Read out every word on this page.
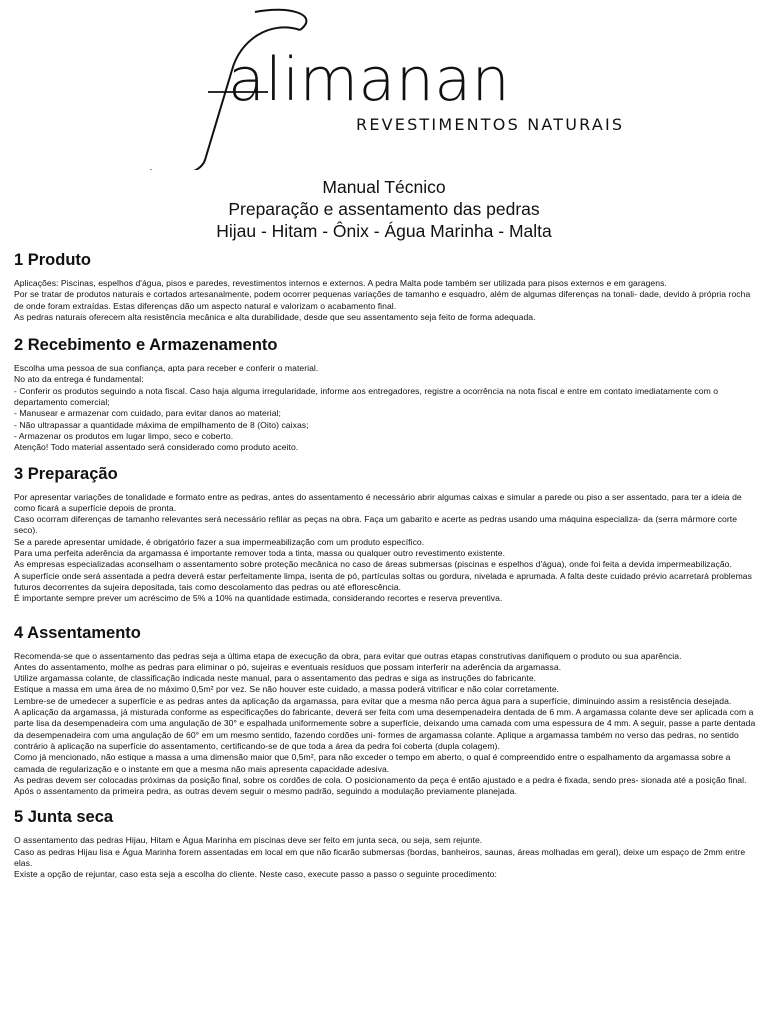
alimanan
REVESTIMENTOS NATURAIS
Manual Técnico
Preparação e assentamento das pedras
Hijau - Hitam - Ônix - Água Marinha - Malta
1 Produto

Aplicações: Piscinas, espelhos d'água, pisos e paredes, revestimentos internos e externos. A pedra Malta pode também ser utilizada para pisos externos e em garagens.

Por se tratar de produtos naturais e cortados artesanalmente, podem ocorrer pequenas variações de tamanho e esquadro, além de algumas diferenças na tonali- dade, devido à própria rocha de onde foram extraídas. Estas diferenças dão um aspecto natural e valorizam o acabamento final.

As pedras naturais oferecem alta resistência mecânica e alta durabilidade, desde que seu assentamento seja feito de forma adequada.

2 Recebimento e Armazenamento

Escolha uma pessoa de sua confiança, apta para receber e conferir o material.

No ato da entrega é fundamental:

- Conferir os produtos seguindo a nota fiscal. Caso haja alguma irregularidade, informe aos entregadores, registre a ocorrência na nota fiscal e entre em contato imediatamente com o departamento comercial;

- Manusear e armazenar com cuidado, para evitar danos ao material;

- Não ultrapassar a quantidade máxima de empilhamento de 8 (Oito) caixas;

- Armazenar os produtos em lugar limpo, seco e coberto.

Atenção! Todo material assentado será considerado como produto aceito.

3 Preparação

Por apresentar variações de tonalidade e formato entre as pedras, antes do assentamento é necessário abrir algumas caixas e simular a parede ou piso a ser assentado, para ter a ideia de como ficará a superfície depois de pronta.

Caso ocorram diferenças de tamanho relevantes será necessário refilar as peças na obra. Faça um gabarito e acerte as pedras usando uma máquina especializa- da (serra mármore corte seco).

Se a parede apresentar umidade, é obrigatório fazer a sua impermeabilização com um produto específico.

Para uma perfeita aderência da argamassa é importante remover toda a tinta, massa ou qualquer outro revestimento existente.

As empresas especializadas aconselham o assentamento sobre proteção mecânica no caso de áreas submersas (piscinas e espelhos d'água), onde foi feita a devida impermeabilização.

A superfície onde será assentada a pedra deverá estar perfeitamente limpa, isenta de pó, partículas soltas ou gordura, nivelada e aprumada. A falta deste cuidado prévio acarretará problemas futuros decorrentes da sujeira depositada, tais como descolamento das pedras ou até eflorescência.

É importante sempre prever um acréscimo de 5% a 10% na quantidade estimada, considerando recortes e reserva preventiva.

4 Assentamento

Recomenda-se que o assentamento das pedras seja a última etapa de execução da obra, para evitar que outras etapas construtivas danifiquem o produto ou sua aparência.

Antes do assentamento, molhe as pedras para eliminar o pó, sujeiras e eventuais resíduos que possam interferir na aderência da argamassa.

Utilize argamassa colante, de classificação indicada neste manual, para o assentamento das pedras e siga as instruções do fabricante.

Estique a massa em uma área de no máximo 0,5m² por vez. Se não houver este cuidado, a massa poderá vitrificar e não colar corretamente.

Lembre-se de umedecer a superfície e as pedras antes da aplicação da argamassa, para evitar que a mesma não perca água para a superfície, diminuindo assim a resistência desejada.

A aplicação da argamassa, já misturada conforme as especificações do fabricante, deverá ser feita com uma desempenadeira dentada de 6 mm. A argamassa colante deve ser aplicada com a parte lisa da desempenadeira com uma angulação de 30° e espalhada uniformemente sobre a superfície, deixando uma camada com uma espessura de 4 mm. A seguir, passe a parte dentada da desempenadeira com uma angulação de 60° em um mesmo sentido, fazendo cordões uni- formes de argamassa colante. Aplique a argamassa também no verso das pedras, no sentido contrário à aplicação na superfície do assentamento, certificando-se de que toda a área da pedra foi coberta (dupla colagem).

Como já mencionado, não estique a massa a uma dimensão maior que 0,5m², para não exceder o tempo em aberto, o qual é compreendido entre o espalhamento da argamassa sobre a camada de regularização e o instante em que a mesma não mais apresenta capacidade adesiva.

As pedras devem ser colocadas próximas da posição final, sobre os cordões de cola. O posicionamento da peça é então ajustado e a pedra é fixada, sendo pres- sionada até a posição final.

Após o assentamento da primeira pedra, as outras devem seguir o mesmo padrão, seguindo a modulação previamente planejada.

5 Junta seca

O assentamento das pedras Hijau, Hitam e Água Marinha em piscinas deve ser feito em junta seca, ou seja, sem rejunte.

Caso as pedras Hijau lisa e Água Marinha forem assentadas em local em que não ficarão submersas (bordas, banheiros, saunas, áreas molhadas em geral), deixe um espaço de 2mm entre elas.

Existe a opção de rejuntar, caso esta seja a escolha do cliente. Neste caso, execute passo a passo o seguinte procedimento:
